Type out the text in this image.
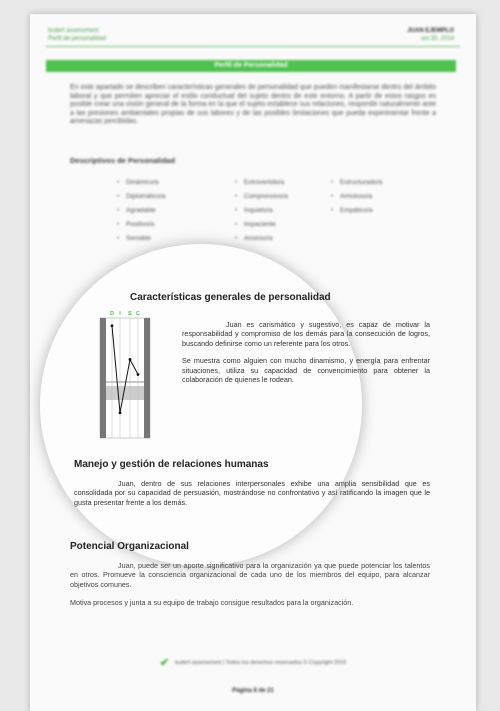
kudert assessment
Perfil de personalidad
JUAN EJEMPLO
oct 30, 2014
Perfil de Personalidad
En este apartado se describen características generales de personalidad que pueden manifestarse dentro del ámbito laboral y que permiten apreciar el estilo conductual del sujeto dentro de este entorno. A partir de estos rasgos es posible crear una visión general de la forma en la que el sujeto establece sus relaciones, responde naturalmente ante a las presiones ambientales propias de sus labores y de las posibles limitaciones que pueda experimentar frente a amenazas percibidas.
Descriptivos de Personalidad
• Dinámico/a
• Diplomático/a
• Agradable
• Positivo/a
• Sensible
• Extrovertido/a
• Comprensivo/a
• Inquieto/a
• Impaciente
• Ansioso/a
• Estructurado/a
• Amistoso/a
• Empático/a
✔ kudert assessment | Todos los derechos reservados © Copyright 2015
Página 8 de 21
Características generales de personalidad
D I S C

Juan es carismático y sugestivo, es capaz de motivar la responsabilidad y compromiso de los demás para la consecución de logros, buscando definirse como un referente para los otros.

Se muestra como alguien con mucho dinamismo, y energía para enfrentar situaciones, utiliza su capacidad de convencimiento para obtener la colaboración de quienes le rodean.

Manejo y gestión de relaciones humanas
Juan, dentro de sus relaciones interpersonales exhibe una amplia sensibilidad que es consolidada por su capacidad de persuasión, mostrándose no confrontativo y así ratificando la imagen que le gusta presentar frente a los demás.
Potencial Organizacional

Juan, puede ser un aporte significativo para la organización ya que puede potenciar los talentos en otros. Promueve la consciencia organizacional de cada uno de los miembros del equipo, para alcanzar objetivos comunes.

Motiva procesos y junta a su equipo de trabajo consigue resultados para la organización.
